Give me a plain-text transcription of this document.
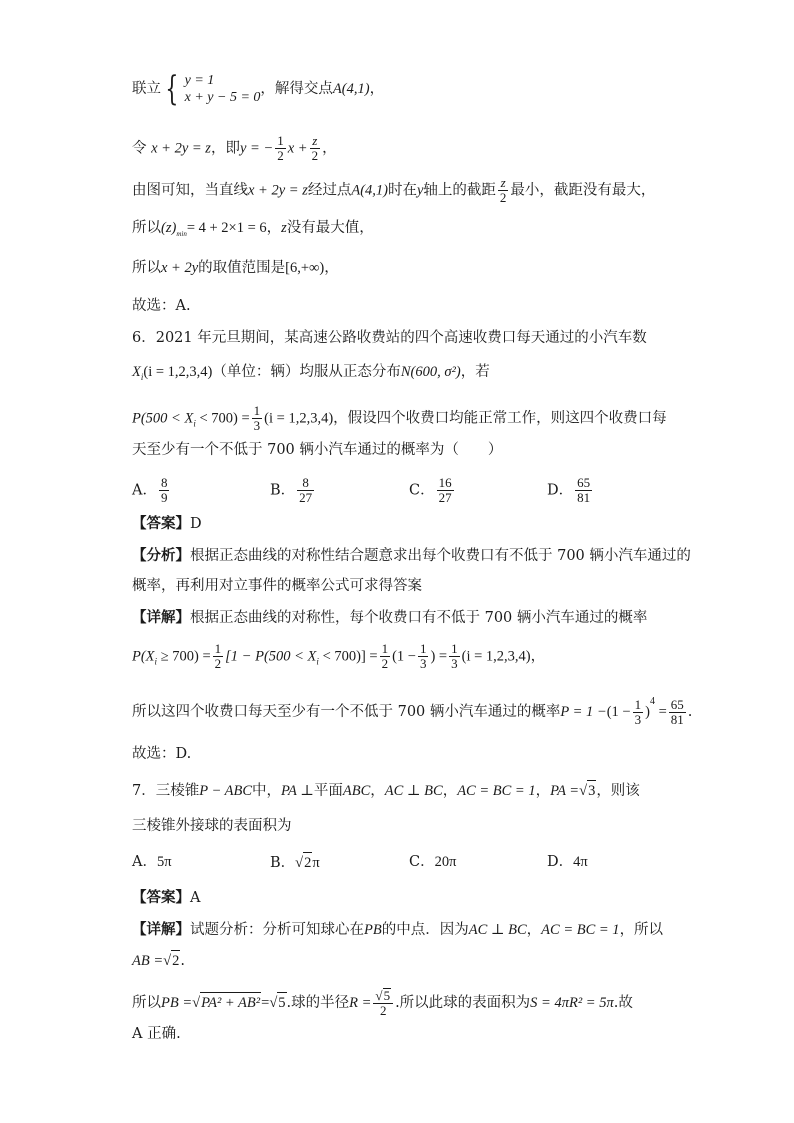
联立 { y = 1
x + y − 5 = 0，解得交点A(4,1)，
令 x + 2y = z，即y = − $\frac{1}{2}$ $x + \frac{z}{2}$ ，
由图可知，当直线x + 2y = z经过点A(4,1)时在y轴上的截距 $\frac{z}{2}$ 最小，截距没有最大，
所以$(z)_{min}= 4 + 2\times 1 = 6$，z没有最大值，
所以x + 2y的取值范围是[6,+∞)，
故选：A.
6．2021 年元旦期间，某高速公路收费站的四个高速收费口每天通过的小汽车数
$X_i(i = 1,2,3,4)$（单位：辆）均服从正态分布N(600, σ²)，若
$P(500 < X_i < 700) = \frac{1}{3} (i = 1,2,3,4)$，假设四个收费口均能正常工作，则这四个收费口每
天至少有一个不低于 700 辆小汽车通过的概率为（　　）
A． $\frac{8}{9}$	B． $\frac{8}{27}$	C． $\frac{16}{27}$	D． $\frac{65}{81}$
【答案】D
【分析】根据正态曲线的对称性结合题意求出每个收费口有不低于 700 辆小汽车通过的
概率，再利用对立事件的概率公式可求得答案
【详解】根据正态曲线的对称性，每个收费口有不低于 700 辆小汽车通过的概率
$P(X_i \ge 700) = \frac{1}{2} [1 - P(500 < X_i < 700)] = \frac{1}{2} (1 - \frac{1}{3}$ ) = $\frac{1}{3} (i = 1,2,3,4)$，
所以这四个收费口每天至少有一个不低于 700 辆小汽车通过的概率$P = 1 -(1 - \frac{1}{3} )^4 = \frac{65}{81}$ .
故选：D.
7．三棱锥P − ABC中，PA ⊥平面ABC，AC ⊥ BC，AC = BC = 1，PA =√3，则该
三棱锥外接球的表面积为
A．5π	B．√2π	C．20π	D．4π
【答案】A
【详解】试题分析：分析可知球心在PB的中点．因为AC ⊥ BC，AC = BC = 1，所以
AB =√2.
所以PB =√PA² + AB²=√5.球的半径$R = \frac{√5}{2}$ .所以此球的表面积为S = 4πR² = 5π.故
A 正确.
